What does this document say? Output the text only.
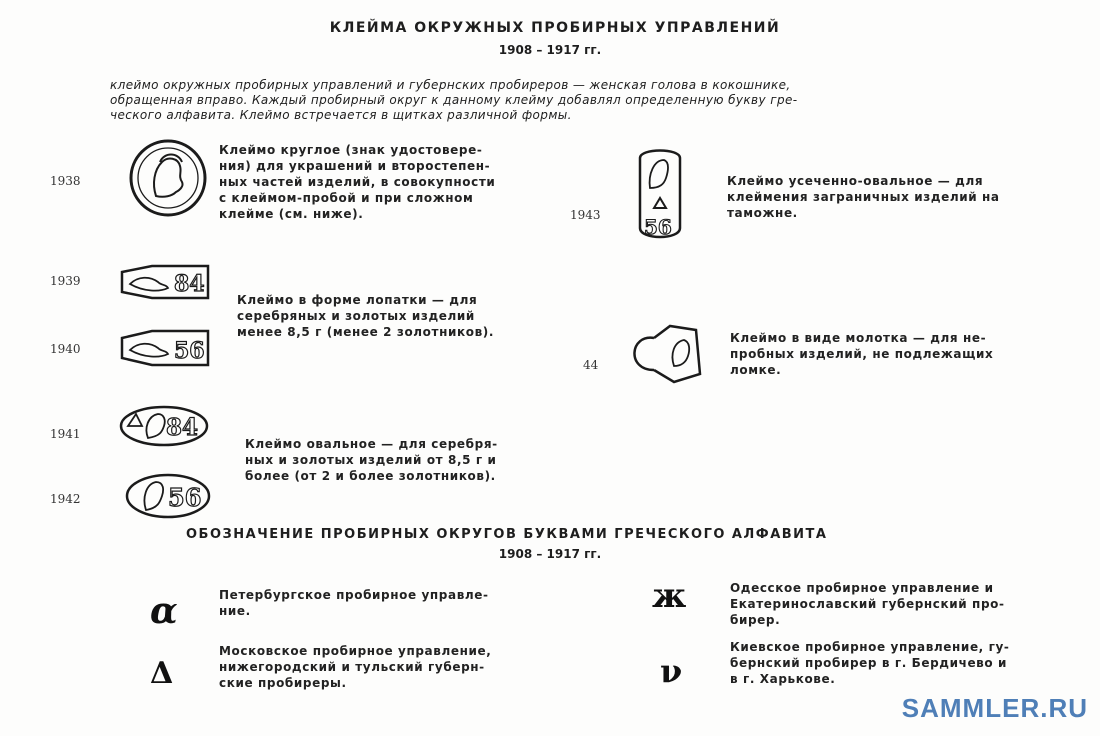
КЛЕЙМА ОКРУЖНЫХ ПРОБИРНЫХ УПРАВЛЕНИЙ
1908 – 1917 гг.
клеймо окружных пробирных управлений и губернских пробиреров — женская голова в кокошнике,
обращенная вправо. Каждый пробирный округ к данному клейму добавлял определенную букву гре-
ческого алфавита. Клеймо встречается в щитках различной формы.
1938
Клеймо круглое (знак удостовере-
ния) для украшений и второстепен-
ных частей изделий, в совокупности
с клеймом-пробой и при сложном
клейме (см. ниже).
1939	84
1940	56
Клеймо в форме лопатки — для
серебряных и золотых изделий
менее 8,5 г (менее 2 золотников).
1941	84
1942	56
Клеймо овальное — для серебря-
ных и золотых изделий от 8,5 г и
более (от 2 и более золотников).
1943 56
Клеймо усеченно-овальное — для
клеймения заграничных изделий на
таможне.
44
Клеймо в виде молотка — для не-
пробных изделий, не подлежащих
ломке.
ОБОЗНАЧЕНИЕ ПРОБИРНЫХ ОКРУГОВ БУКВАМИ ГРЕЧЕСКОГО АЛФАВИТА
1908 – 1917 гг.
α	Петербургское пробирное управле-
ние.
Δ
Московское пробирное управление,
нижегородский и тульский губерн-
ские пробиреры.
ж	Одесское пробирное управление и
Екатеринославский губернский про-
бирер.
ν
Киевское пробирное управление, гу-
бернский пробирер в г. Бердичево и
в г. Харькове.
SAMMLER.RU
